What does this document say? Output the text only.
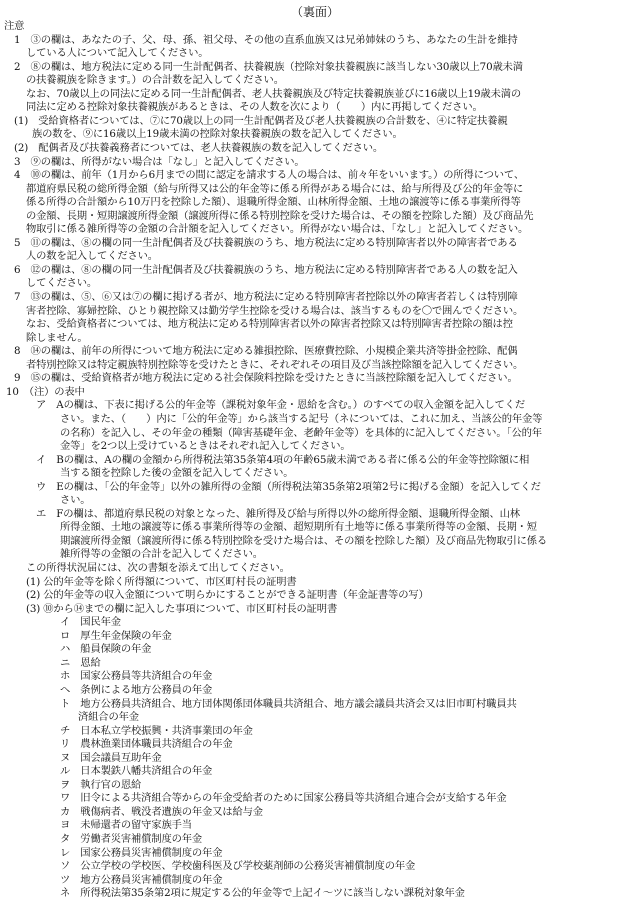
（裏面）
注意
1　③の欄は、あなたの子、父、母、孫、祖父母、その他の直系血族又は兄弟姉妹のうち、あなたの生計を維持
している人について記入してください。
2　⑧の欄は、地方税法に定める同一生計配偶者、扶養親族（控除対象扶養親族に該当しない30歳以上70歳未満
の扶養親族を除きます。）の合計数を記入してください。
なお、70歳以上の同法に定める同一生計配偶者、老人扶養親族及び特定扶養親族並びに16歳以上19歳未満の
同法に定める控除対象扶養親族があるときは、その人数を次により（　　）内に再掲してください。
(1)　受給資格者については、⑦に70歳以上の同一生計配偶者及び老人扶養親族の合計数を、④に特定扶養親
族の数を、⑨に16歳以上19歳未満の控除対象扶養親族の数を記入してください。
(2)　配偶者及び扶養義務者については、老人扶養親族の数を記入してください。
3　⑨の欄は、所得がない場合は「なし」と記入してください。
4　⑩の欄は、前年（1月から6月までの間に認定を請求する人の場合は、前々年をいいます。）の所得について、
都道府県民税の総所得金額（給与所得又は公的年金等に係る所得がある場合には、給与所得及び公的年金等に
係る所得の合計額から10万円を控除した額）、退職所得金額、山林所得金額、土地の譲渡等に係る事業所得等
の金額、長期・短期譲渡所得金額（譲渡所得に係る特別控除を受けた場合は、その額を控除した額）及び商品先
物取引に係る雑所得等の金額の合計額を記入してください。所得がない場合は、「なし」と記入してください。
5　⑪の欄は、⑧の欄の同一生計配偶者及び扶養親族のうち、地方税法に定める特別障害者以外の障害者である
人の数を記入してください。
6　⑫の欄は、⑧の欄の同一生計配偶者及び扶養親族のうち、地方税法に定める特別障害者である人の数を記入
してください。
7　⑬の欄は、⑤、⑥又は⑦の欄に掲げる者が、地方税法に定める特別障害者控除以外の障害者若しくは特別障
害者控除、寡婦控除、ひとり親控除又は勤労学生控除を受ける場合は、該当するものを〇で囲んでください。
なお、受給資格者については、地方税法に定める特別障害者以外の障害者控除又は特別障害者控除の額は控
除しません。
8　⑭の欄は、前年の所得について地方税法に定める雑損控除、医療費控除、小規模企業共済等掛金控除、配偶
者特別控除又は特定親族特別控除等を受けたときに、それぞれその項目及び当該控除額を記入してください。
9　⑮の欄は、受給資格者が地方税法に定める社会保険料控除を受けたときに当該控除額を記入してください。
10　（注）の表中
ア　Aの欄は、下表に掲げる公的年金等（課税対象年金・恩給を含む。）のすべての収入金額を記入してくだ
さい。また、（　　）内に「公的年金等」から該当する記号（ネについては、これに加え、当該公的年金等
の名称）を記入し、その年金の種類（障害基礎年金、老齢年金等）を具体的に記入してください。「公的年
金等」を2つ以上受けているときはそれぞれ記入してください。
イ　Bの欄は、Aの欄の金額から所得税法第35条第4項の年齢65歳未満である者に係る公的年金等控除額に相
当する額を控除した後の金額を記入してください。
ウ　Eの欄は、「公的年金等」以外の雑所得の金額（所得税法第35条第2項第2号に掲げる金額）を記入してくだ
さい。
エ　Fの欄は、都道府県民税の対象となった、雑所得及び給与所得以外の総所得金額、退職所得金額、山林
所得金額、土地の譲渡等に係る事業所得等の金額、超短期所有土地等に係る事業所得等の金額、長期・短
期譲渡所得金額（譲渡所得に係る特別控除を受けた場合は、その額を控除した額）及び商品先物取引に係る
雑所得等の金額の合計を記入してください。
この所得状況届には、次の書類を添えて出してください。
(1) 公的年金等を除く所得額について、市区町村長の証明書
(2) 公的年金等の収入金額について明らかにすることができる証明書（年金証書等の写）
(3) ⑩から⑭までの欄に記入した事項について、市区町村長の証明書
イ　国民年金
ロ　厚生年金保険の年金
ハ　船員保険の年金
ニ　恩給
ホ　国家公務員等共済組合の年金
へ　条例による地方公務員の年金
ト　地方公務員共済組合、地方団体関係団体職員共済組合、地方議会議員共済会又は旧市町村職員共
済組合の年金
チ　日本私立学校振興・共済事業団の年金
リ　農林漁業団体職員共済組合の年金
ヌ　国会議員互助年金
ル　日本製鉄八幡共済組合の年金
ヲ　執行官の恩給
ワ　旧令による共済組合等からの年金受給者のために国家公務員等共済組合連合会が支給する年金
カ　戦傷病者、戦没者遺族の年金又は給与金
ヨ　未帰還者の留守家族手当
タ　労働者災害補償制度の年金
レ　国家公務員災害補償制度の年金
ソ　公立学校の学校医、学校歯科医及び学校薬剤師の公務災害補償制度の年金
ツ　地方公務員災害補償制度の年金
ネ　所得税法第35条第2項に規定する公的年金等で上記イ～ツに該当しない課税対象年金
